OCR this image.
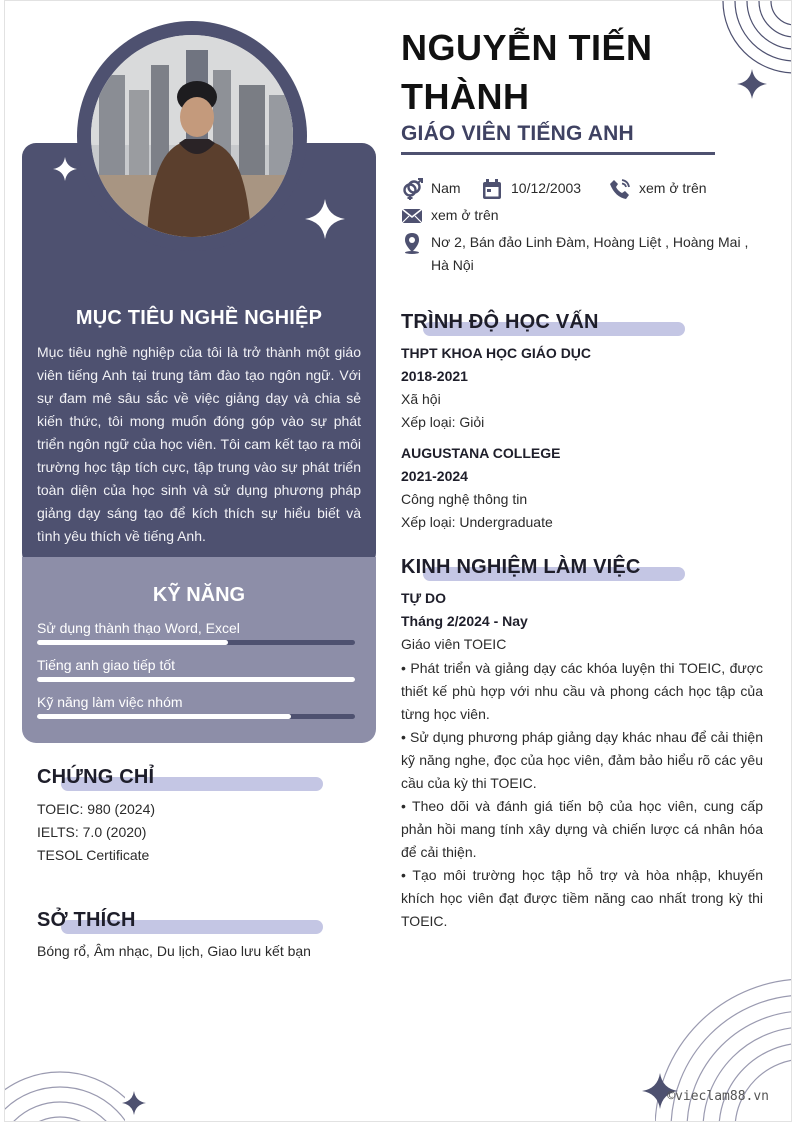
MỤC TIÊU NGHỀ NGHIỆP
Mục tiêu nghề nghiệp của tôi là trở thành một giáo viên tiếng Anh tại trung tâm đào tạo ngôn ngữ. Với sự đam mê sâu sắc về việc giảng dạy và chia sẻ kiến thức, tôi mong muốn đóng góp vào sự phát triển ngôn ngữ của học viên. Tôi cam kết tạo ra môi trường học tập tích cực, tập trung vào sự phát triển toàn diện của học sinh và sử dụng phương pháp giảng dạy sáng tạo để kích thích sự hiểu biết và tình yêu thích về tiếng Anh.
KỸ NĂNG
Sử dụng thành thạo Word, Excel
Tiếng anh giao tiếp tốt
Kỹ năng làm việc nhóm
CHỨNG CHỈ
TOEIC: 980 (2024)
IELTS: 7.0 (2020)
TESOL Certificate
SỞ THÍCH
Bóng rổ, Âm nhạc, Du lịch, Giao lưu kết bạn
NGUYỄN TIẾN THÀNH
GIÁO VIÊN TIẾNG ANH
Nam	10/12/2003	xem ở trên
xem ở trên
Nơ 2, Bán đảo Linh Đàm, Hoàng Liệt , Hoàng Mai , Hà Nội
TRÌNH ĐỘ HỌC VẤN
THPT KHOA HỌC GIÁO DỤC
2018-2021
Xã hội
Xếp loại: Giỏi
AUGUSTANA COLLEGE
2021-2024
Công nghệ thông tin
Xếp loại: Undergraduate
KINH NGHIỆM LÀM VIỆC
TỰ DO
Tháng 2/2024 - Nay
Giáo viên TOEIC
• Phát triển và giảng dạy các khóa luyện thi TOEIC, được thiết kế phù hợp với nhu cầu và phong cách học tập của từng học viên.
• Sử dụng phương pháp giảng dạy khác nhau để cải thiện kỹ năng nghe, đọc của học viên, đảm bảo hiểu rõ các yêu cầu của kỳ thi TOEIC.
• Theo dõi và đánh giá tiến bộ của học viên, cung cấp phản hồi mang tính xây dựng và chiến lược cá nhân hóa để cải thiện.
• Tạo môi trường học tập hỗ trợ và hòa nhập, khuyến khích học viên đạt được tiềm năng cao nhất trong kỳ thi TOEIC.
©vieclam88.vn
